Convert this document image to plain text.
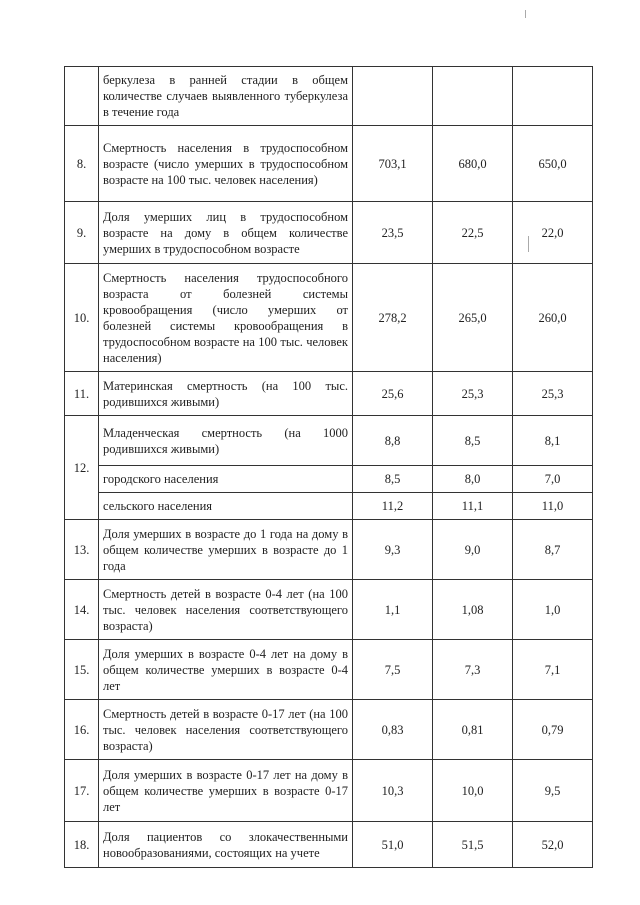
	беркулеза в ранней стадии в общем количестве случаев выявленного туберкулеза в течение года			
8.	Смертность населения в трудоспособном возрасте (число умерших в трудоспособном возрасте на 100 тыс. человек населения)	703,1	680,0	650,0
9.	Доля умерших лиц в трудоспособном возрасте на дому в общем количестве умерших в трудоспособном возрасте	23,5	22,5	22,0
10.	Смертность населения трудоспособного возраста от болезней системы кровообращения (число умерших от болезней системы кровообращения в трудоспособном возрасте на 100 тыс. человек населения)	278,2	265,0	260,0
11.	Материнская смертность (на 100 тыс. родившихся живыми)	25,6	25,3	25,3
12.	Младенческая смертность (на 1000 родившихся живыми)	8,8	8,5	8,1
	городского населения	8,5	8,0	7,0
	сельского населения	11,2	11,1	11,0
13.	Доля умерших в возрасте до 1 года на дому в общем количестве умерших в возрасте до 1 года	9,3	9,0	8,7
14.	Смертность детей в возрасте 0-4 лет (на 100 тыс. человек населения соответствующего возраста)	1,1	1,08	1,0
15.	Доля умерших в возрасте 0-4 лет на дому в общем количестве умерших в возрасте 0-4 лет	7,5	7,3	7,1
16.	Смертность детей в возрасте 0-17 лет (на 100 тыс. человек населения соответствующего возраста)	0,83	0,81	0,79
17.	Доля умерших в возрасте 0-17 лет на дому в общем количестве умерших в возрасте 0-17 лет	10,3	10,0	9,5
18.	Доля пациентов со злокачественными новообразованиями, состоящих на учете	51,0	51,5	52,0
